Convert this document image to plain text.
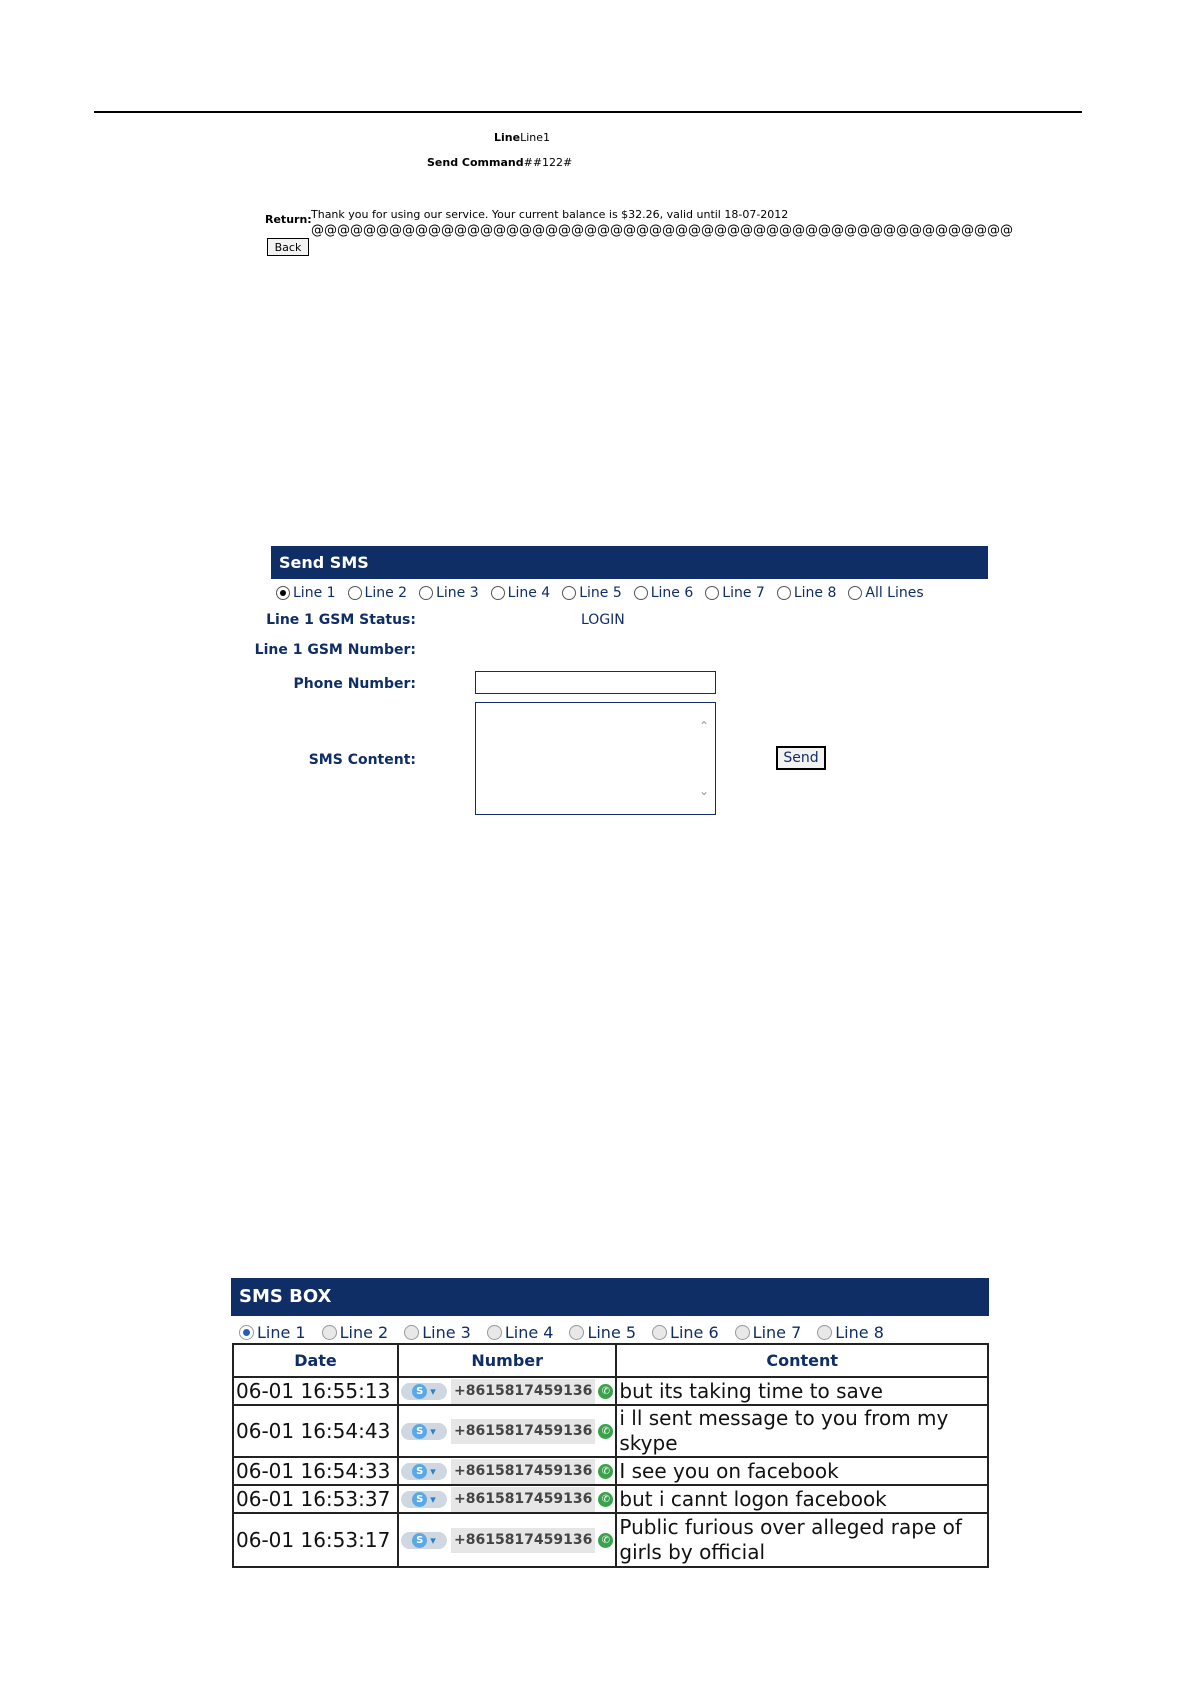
LineLine1
Send Command##122#
Return: Thank you for using our service. Your current balance is $32.26, valid until 18-07-2012
@@@@@@@@@@@@@@@@@@@@@@@@@@@@@@@@@@@@@@@@@@@@@@@@@@@@@@
Back
Send SMS
Line 1 Line 2 Line 3 Line 4 Line 5 Line 6 Line 7 Line 8 All Lines
Line 1 GSM Status:	LOGIN
Line 1 GSM Number:
Phone Number:
SMS Content:
⌃
⌄
Send
SMS BOX
Line 1 Line 2 Line 3 Line 4 Line 5 Line 6 Line 7 Line 8
Date	Number	Content
06-01 16:55:13	S ▾ +8615817459136 ✆	but its taking time to save
06-01 16:54:43	S ▾ +8615817459136 ✆	i ll sent message to you from my skype
06-01 16:54:33	S ▾ +8615817459136 ✆	I see you on facebook
06-01 16:53:37	S ▾ +8615817459136 ✆	but i cannt logon facebook
06-01 16:53:17	S ▾ +8615817459136 ✆	Public furious over alleged rape of girls by official
